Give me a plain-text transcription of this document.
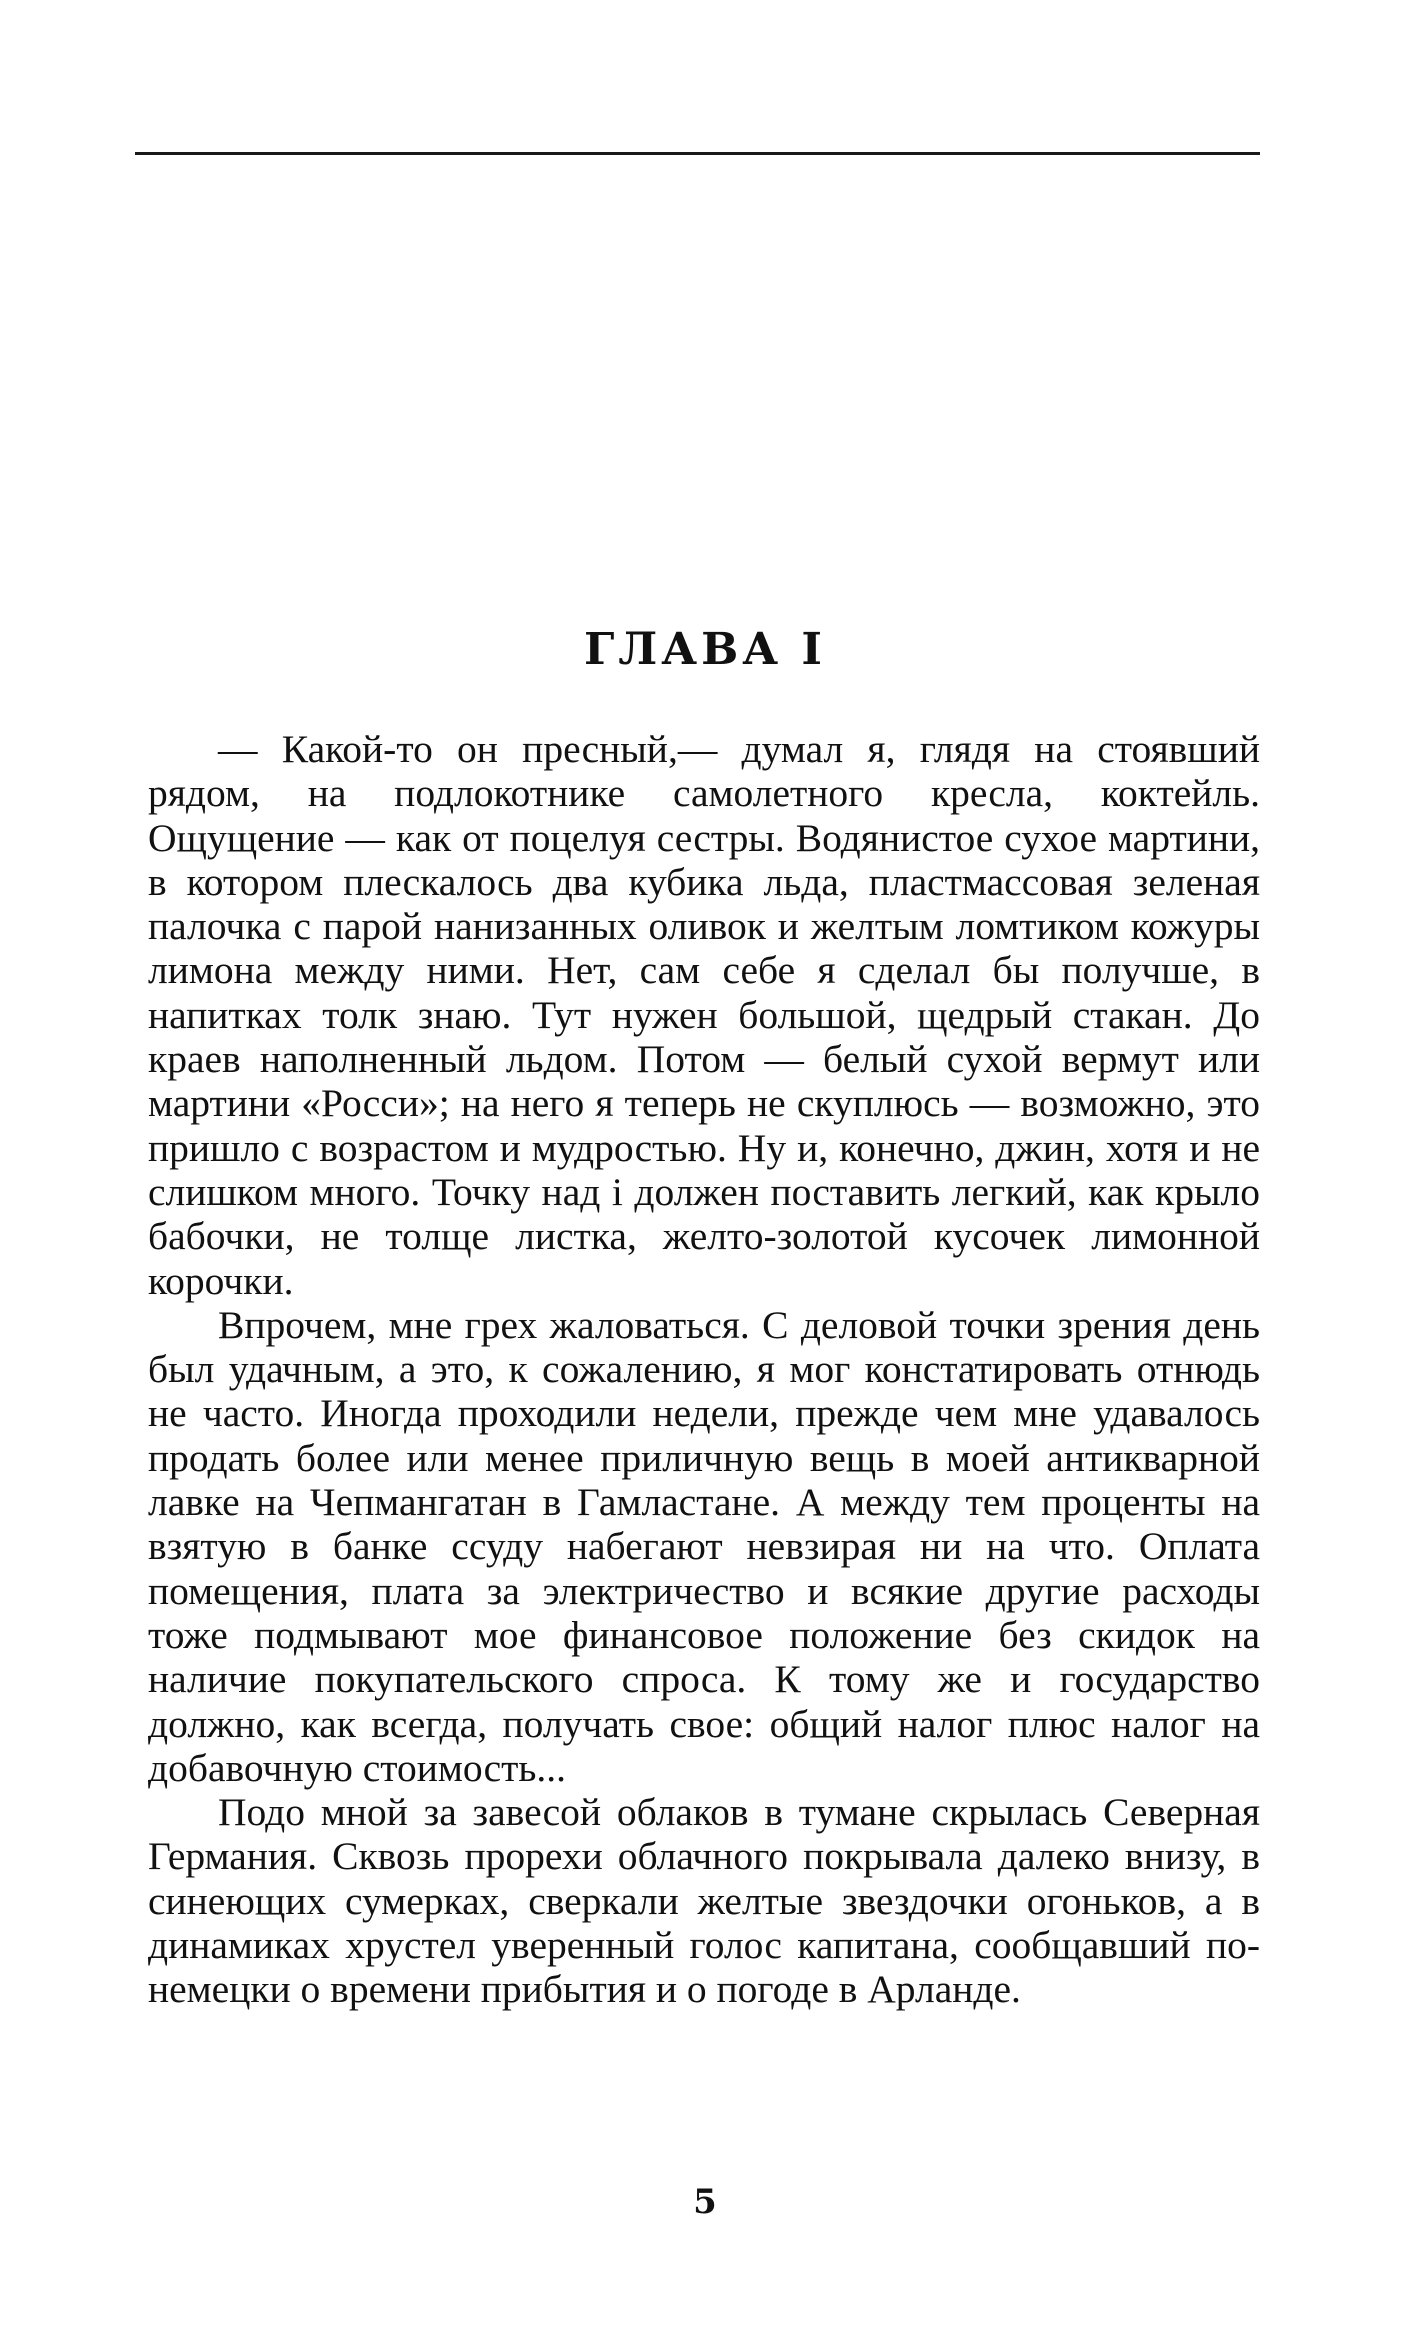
ГЛАВА I

— Какой-то он пресный,— думал я, глядя на стоявший рядом, на подлокотнике самолетного кресла, коктейль. Ощущение — как от поцелуя сестры. Водянистое сухое мартини, в котором плескалось два кубика льда, пластмассовая зеленая палочка с парой нанизанных оливок и желтым ломтиком кожуры лимона между ними. Нет, сам себе я сделал бы получше, в напитках толк знаю. Тут нужен большой, щедрый стакан. До краев наполненный льдом. Потом — белый сухой вермут или мартини «Росси»; на него я теперь не скуплюсь — возможно, это пришло с возрастом и мудростью. Ну и, конечно, джин, хотя и не слишком много. Точку над і должен поставить легкий, как крыло бабочки, не толще листка, желто-золотой кусочек лимонной корочки.

Впрочем, мне грех жаловаться. С деловой точки зрения день был удачным, а это, к сожалению, я мог констатировать отнюдь не часто. Иногда проходили недели, прежде чем мне удавалось продать более или менее приличную вещь в моей антикварной лавке на Чепмангатан в Гамластане. А между тем проценты на взятую в банке ссуду набегают невзирая ни на что. Оплата помещения, плата за электричество и всякие другие расходы тоже подмывают мое финансовое положение без скидок на наличие покупательского спроса. К тому же и государство должно, как всегда, получать свое: общий налог плюс налог на добавочную стоимость...

Подо мной за завесой облаков в тумане скрылась Северная Германия. Сквозь прорехи облачного покрывала далеко внизу, в синеющих сумерках, сверкали желтые звездочки огоньков, а в динамиках хрустел уверенный голос капитана, сообщавший по-немецки о времени прибытия и о погоде в Арланде.

5
